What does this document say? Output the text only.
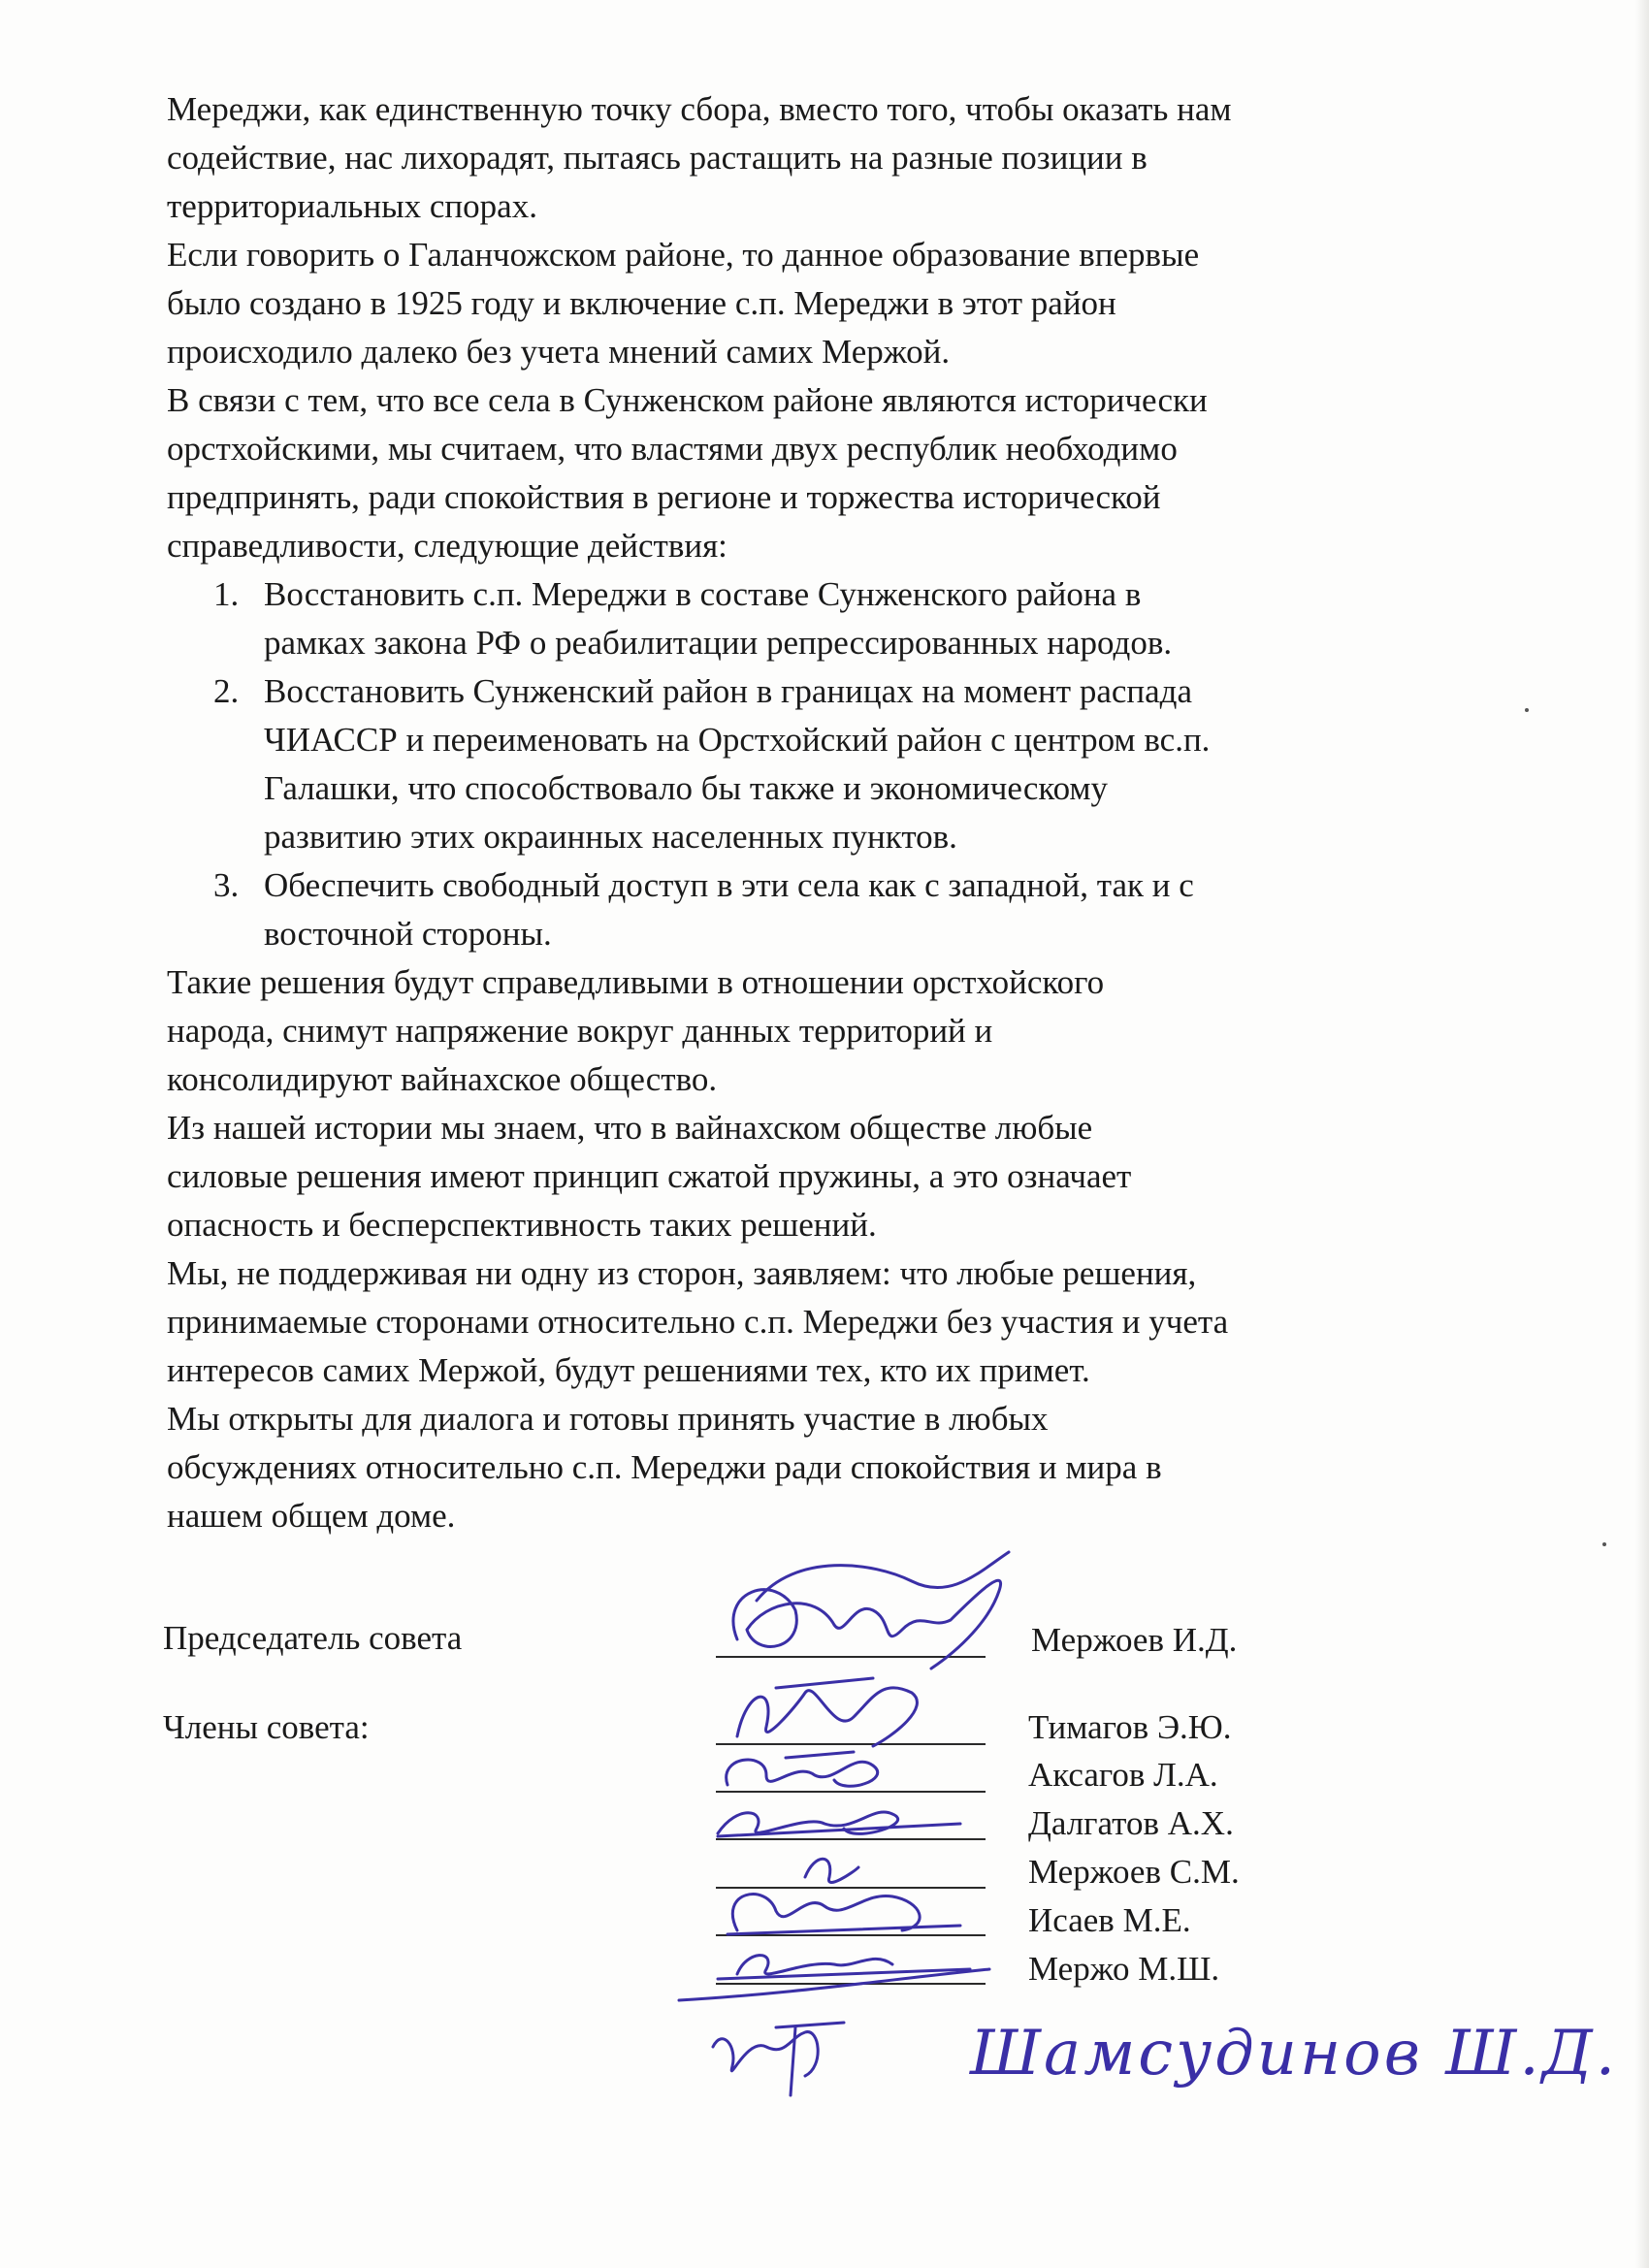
Мереджи, как единственную точку сбора, вместо того, чтобы оказать нам
содействие, нас лихорадят, пытаясь растащить на разные позиции в
территориальных спорах.

Если говорить о Галанчожском районе, то данное образование впервые
было создано в 1925 году и включение с.п. Мереджи в этот район
происходило далеко без учета мнений самих Мержой.

В связи с тем, что все села в Сунженском районе являются исторически
орстхойскими, мы считаем, что властями двух республик необходимо
предпринять, ради спокойствия в регионе и торжества исторической
справедливости, следующие действия:

1. Восстановить с.п. Мереджи в составе Сунженского района в
рамках закона РФ о реабилитации репрессированных народов.
2. Восстановить Сунженский район в границах на момент распада
ЧИАССР и переименовать на Орстхойский район с центром вс.п.
Галашки, что способствовало бы также и экономическому
развитию этих окраинных населенных пунктов.
3. Обеспечить свободный доступ в эти села как с западной, так и с
восточной стороны.

Такие решения будут справедливыми в отношении орстхойского
народа, снимут напряжение вокруг данных территорий и
консолидируют вайнахское общество.

Из нашей истории мы знаем, что в вайнахском обществе любые
силовые решения имеют принцип сжатой пружины, а это означает
опасность и бесперспективность таких решений.

Мы, не поддерживая ни одну из сторон, заявляем: что любые решения,
принимаемые сторонами относительно с.п. Мереджи без участия и учета
интересов самих Мержой, будут решениями тех, кто их примет.

Мы открыты для диалога и готовы принять участие в любых
обсуждениях относительно с.п. Мереджи ради спокойствия и мира в
нашем общем доме.

Председатель совета	Мержоев И.Д.
Члены совета:	Тимагов Э.Ю.
Аксагов Л.А.
Далгатов А.Х.
Мержоев С.М.
Исаев М.Е.
Мержо М.Ш.
Шамсудинов Ш.Д.
